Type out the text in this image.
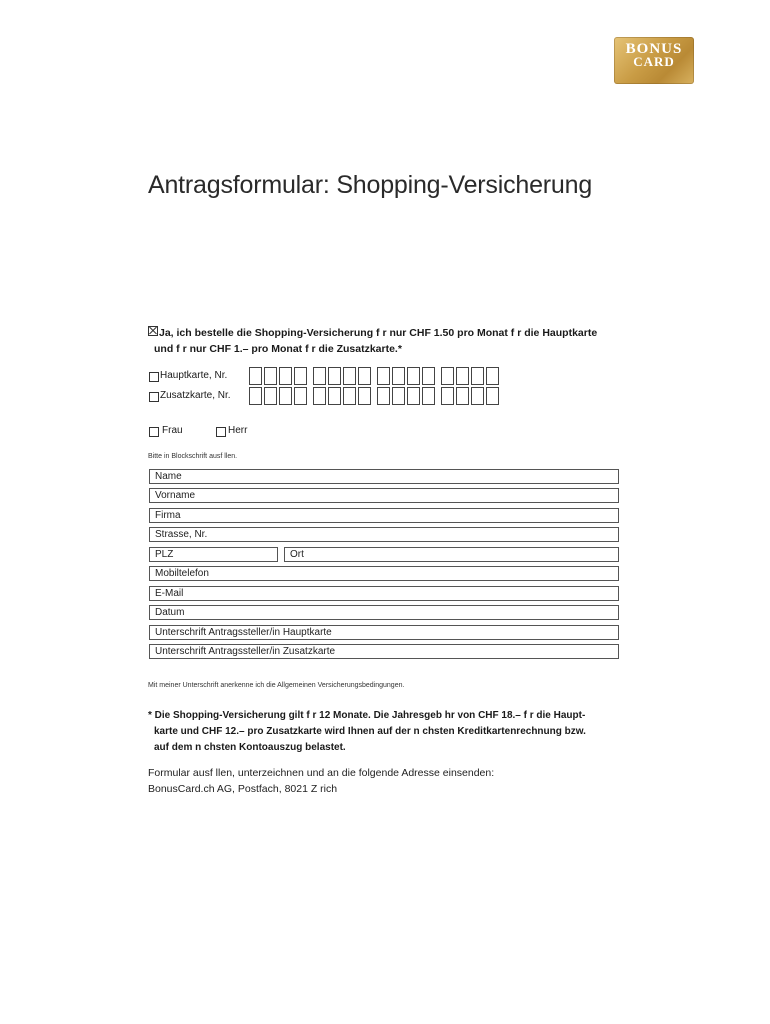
BONUS
CARD
Antragsformular: Shopping-Versicherung
Ja, ich bestelle die Shopping-Versicherung f r nur CHF 1.50 pro Monat f r die Hauptkarte
und f r nur CHF 1.– pro Monat f r die Zusatzkarte.*
Hauptkarte, Nr.
Zusatzkarte, Nr.
Frau	Herr
Bitte in Blockschrift ausf llen.
Name
Vorname
Firma
Strasse, Nr.
PLZ	Ort
Mobiltelefon
E-Mail
Datum
Unterschrift Antragssteller/in Hauptkarte
Unterschrift Antragssteller/in Zusatzkarte
Mit meiner Unterschrift anerkenne ich die Allgemeinen Versicherungsbedingungen.
* Die Shopping-Versicherung gilt f r 12 Monate. Die Jahresgeb hr von CHF 18.– f r die Haupt-
karte und CHF 12.– pro Zusatzkarte wird Ihnen auf der n chsten Kreditkartenrechnung bzw.
auf dem n chsten Kontoauszug belastet.
Formular ausf llen, unterzeichnen und an die folgende Adresse einsenden:
BonusCard.ch AG, Postfach, 8021 Z rich
